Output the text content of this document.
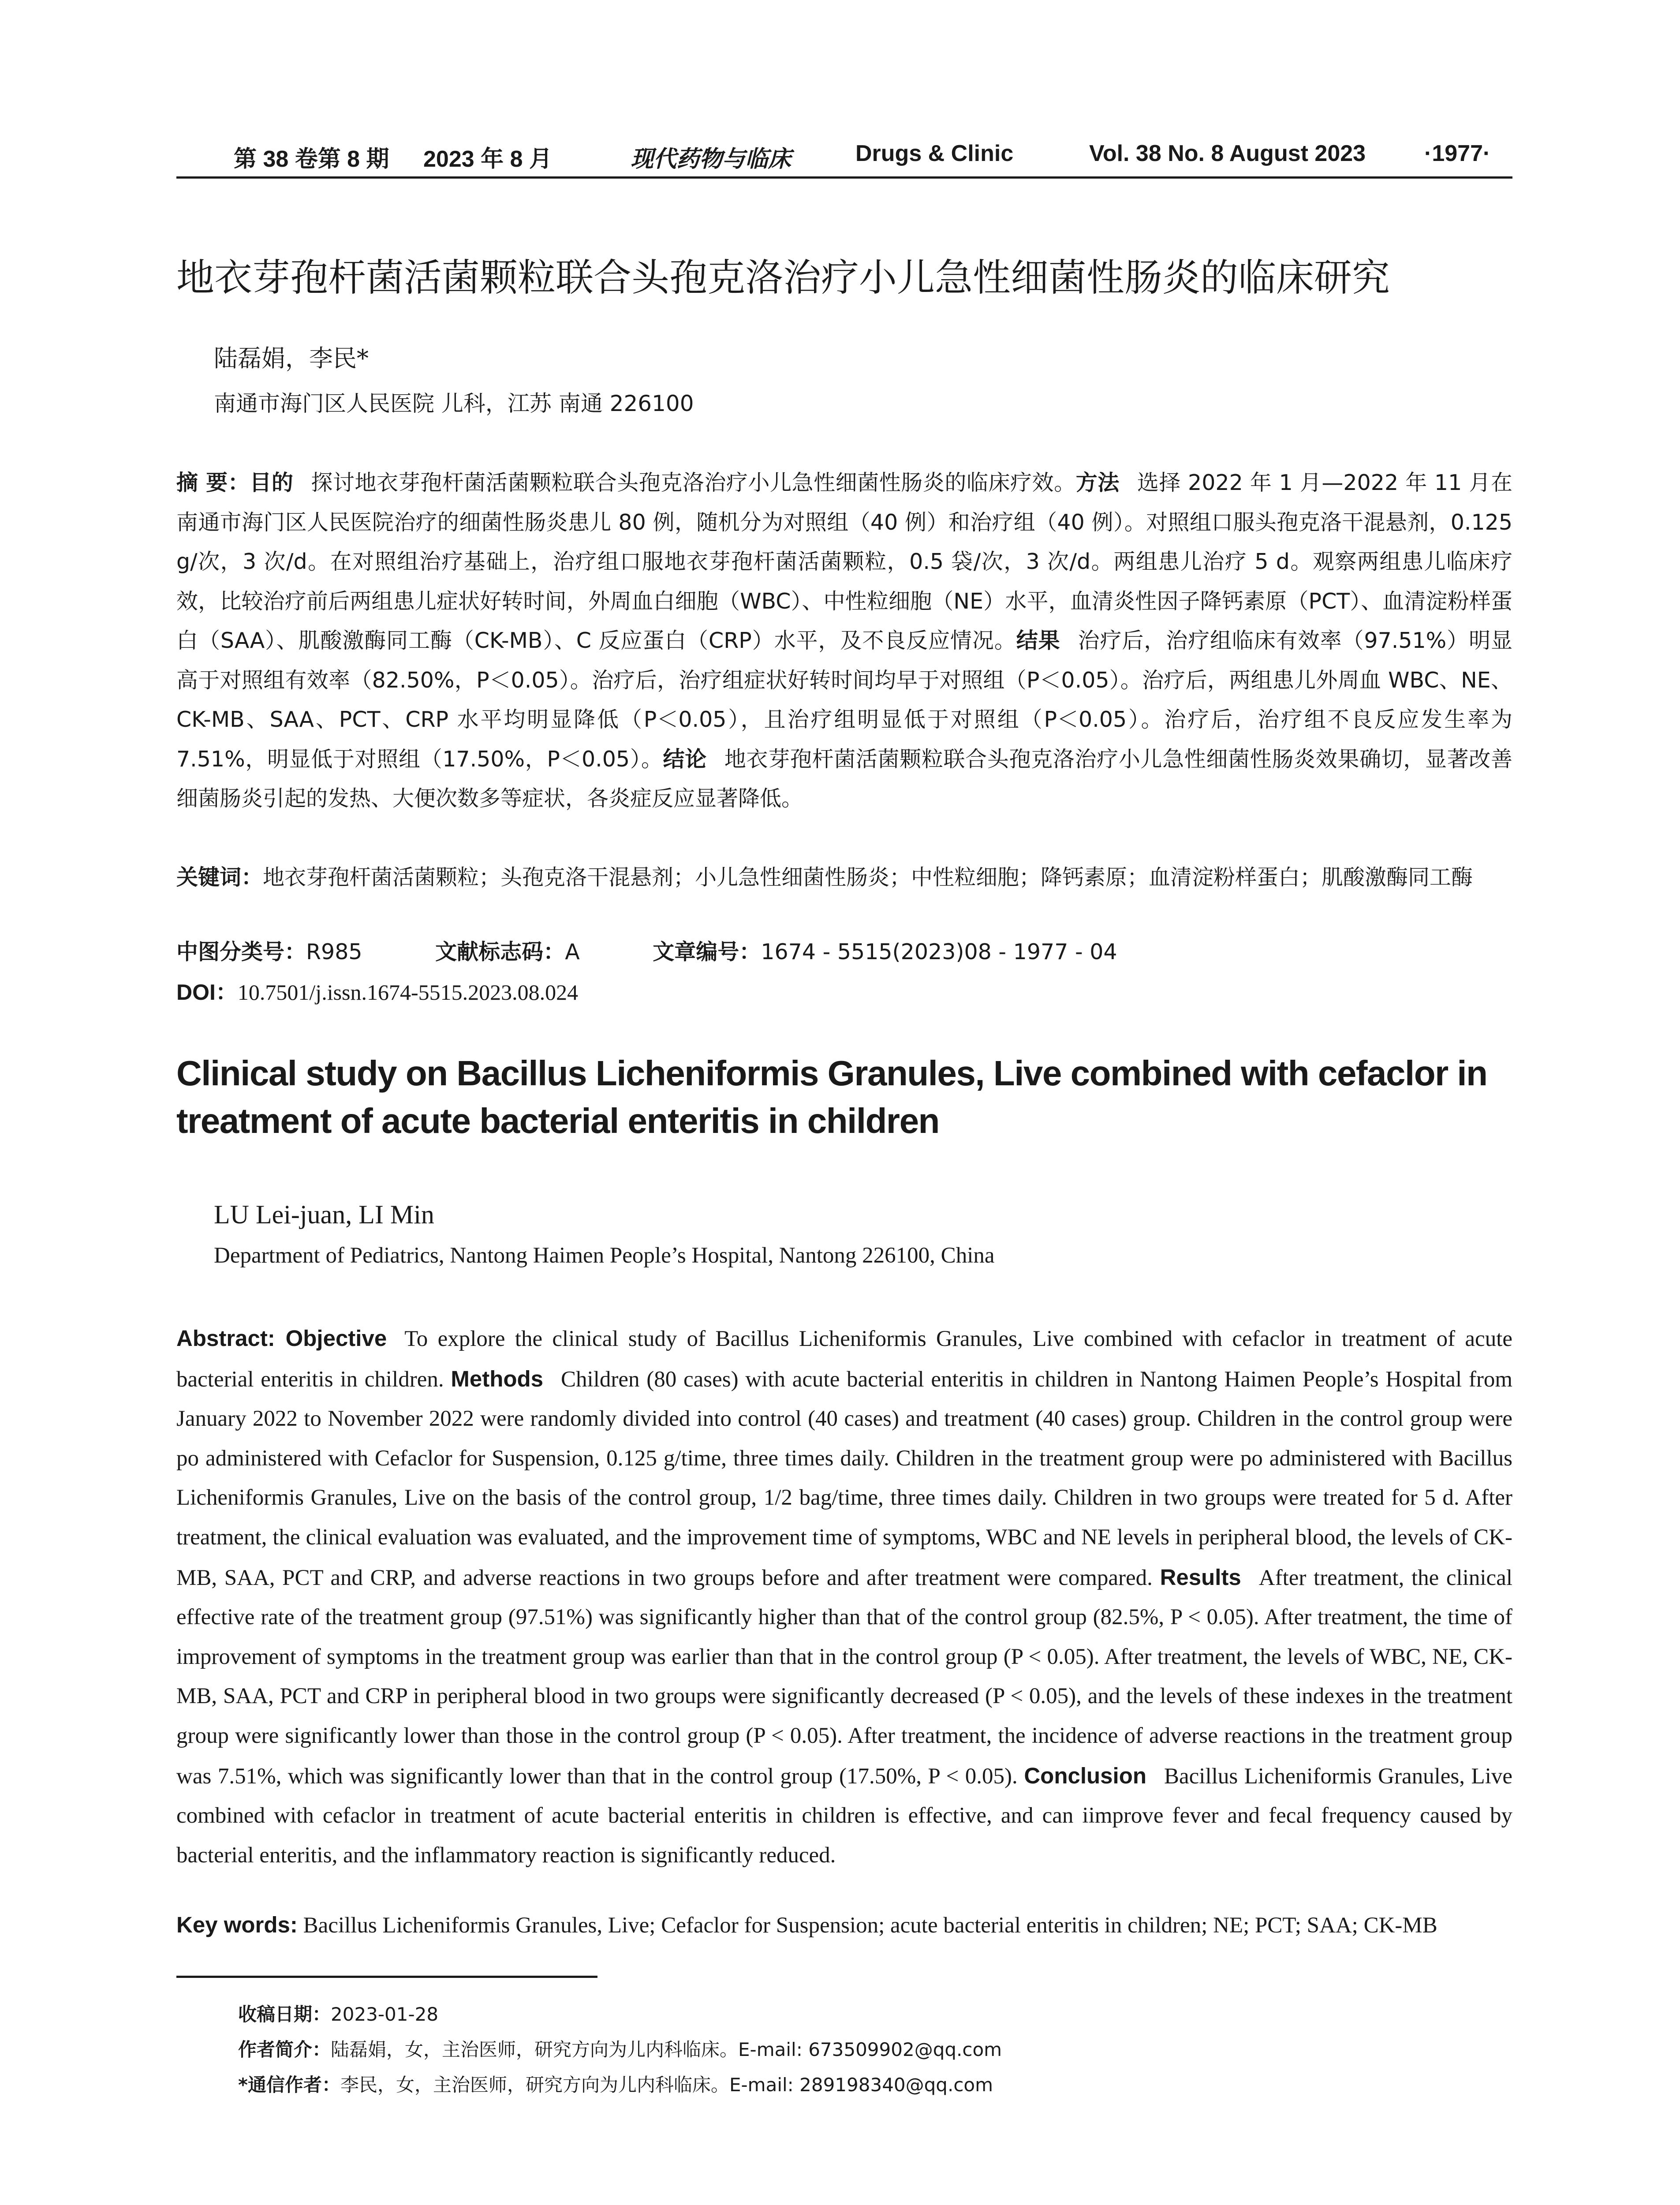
第 38 卷第 8 期 2023 年 8 月	现代药物与临床	Drugs & Clinic	Vol. 38 No. 8 August 2023	·1977·
地衣芽孢杆菌活菌颗粒联合头孢克洛治疗小儿急性细菌性肠炎的临床研究

陆磊娟，李民*

南通市海门区人民医院 儿科，江苏 南通 226100

摘 要：目的 探讨地衣芽孢杆菌活菌颗粒联合头孢克洛治疗小儿急性细菌性肠炎的临床疗效。方法 选择 2022 年 1 月—2022 年 11 月在南通市海门区人民医院治疗的细菌性肠炎患儿 80 例，随机分为对照组（40 例）和治疗组（40 例）。对照组口服头孢克洛干混悬剂，0.125 g/次，3 次/d。在对照组治疗基础上，治疗组口服地衣芽孢杆菌活菌颗粒，0.5 袋/次，3 次/d。两组患儿治疗 5 d。观察两组患儿临床疗效，比较治疗前后两组患儿症状好转时间，外周血白细胞（WBC）、中性粒细胞（NE）水平，血清炎性因子降钙素原（PCT）、血清淀粉样蛋白（SAA）、肌酸激酶同工酶（CK-MB）、C 反应蛋白（CRP）水平，及不良反应情况。结果 治疗后，治疗组临床有效率（97.51%）明显高于对照组有效率（82.50%，P＜0.05）。治疗后，治疗组症状好转时间均早于对照组（P＜0.05）。治疗后，两组患儿外周血 WBC、NE、CK-MB、SAA、PCT、CRP 水平均明显降低（P＜0.05），且治疗组明显低于对照组（P＜0.05）。治疗后，治疗组不良反应发生率为 7.51%，明显低于对照组（17.50%，P＜0.05）。结论 地衣芽孢杆菌活菌颗粒联合头孢克洛治疗小儿急性细菌性肠炎效果确切，显著改善细菌肠炎引起的发热、大便次数多等症状，各炎症反应显著降低。

关键词：地衣芽孢杆菌活菌颗粒；头孢克洛干混悬剂；小儿急性细菌性肠炎；中性粒细胞；降钙素原；血清淀粉样蛋白；肌酸激酶同工酶

中图分类号：R985	文献标志码：A	文章编号：1674 - 5515(2023)08 - 1977 - 04

DOI：10.7501/j.issn.1674-5515.2023.08.024

Clinical study on Bacillus Licheniformis Granules, Live combined with cefaclor in treatment of acute bacterial enteritis in children

LU Lei-juan, LI Min

Department of Pediatrics, Nantong Haimen People’s Hospital, Nantong 226100, China

Abstract: Objective To explore the clinical study of Bacillus Licheniformis Granules, Live combined with cefaclor in treatment of acute bacterial enteritis in children. Methods Children (80 cases) with acute bacterial enteritis in children in Nantong Haimen People’s Hospital from January 2022 to November 2022 were randomly divided into control (40 cases) and treatment (40 cases) group. Children in the control group were po administered with Cefaclor for Suspension, 0.125 g/time, three times daily. Children in the treatment group were po administered with Bacillus Licheniformis Granules, Live on the basis of the control group, 1/2 bag/time, three times daily. Children in two groups were treated for 5 d. After treatment, the clinical evaluation was evaluated, and the improvement time of symptoms, WBC and NE levels in peripheral blood, the levels of CK-MB, SAA, PCT and CRP, and adverse reactions in two groups before and after treatment were compared. Results After treatment, the clinical effective rate of the treatment group (97.51%) was significantly higher than that of the control group (82.5%, P < 0.05). After treatment, the time of improvement of symptoms in the treatment group was earlier than that in the control group (P < 0.05). After treatment, the levels of WBC, NE, CK-MB, SAA, PCT and CRP in peripheral blood in two groups were significantly decreased (P < 0.05), and the levels of these indexes in the treatment group were significantly lower than those in the control group (P < 0.05). After treatment, the incidence of adverse reactions in the treatment group was 7.51%, which was significantly lower than that in the control group (17.50%, P < 0.05). Conclusion Bacillus Licheniformis Granules, Live combined with cefaclor in treatment of acute bacterial enteritis in children is effective, and can iimprove fever and fecal frequency caused by bacterial enteritis, and the inflammatory reaction is significantly reduced.

Key words: Bacillus Licheniformis Granules, Live; Cefaclor for Suspension; acute bacterial enteritis in children; NE; PCT; SAA; CK-MB

收稿日期：2023-01-28

作者简介：陆磊娟，女，主治医师，研究方向为儿内科临床。E-mail: 673509902@qq.com

*通信作者：李民，女，主治医师，研究方向为儿内科临床。E-mail: 289198340@qq.com
